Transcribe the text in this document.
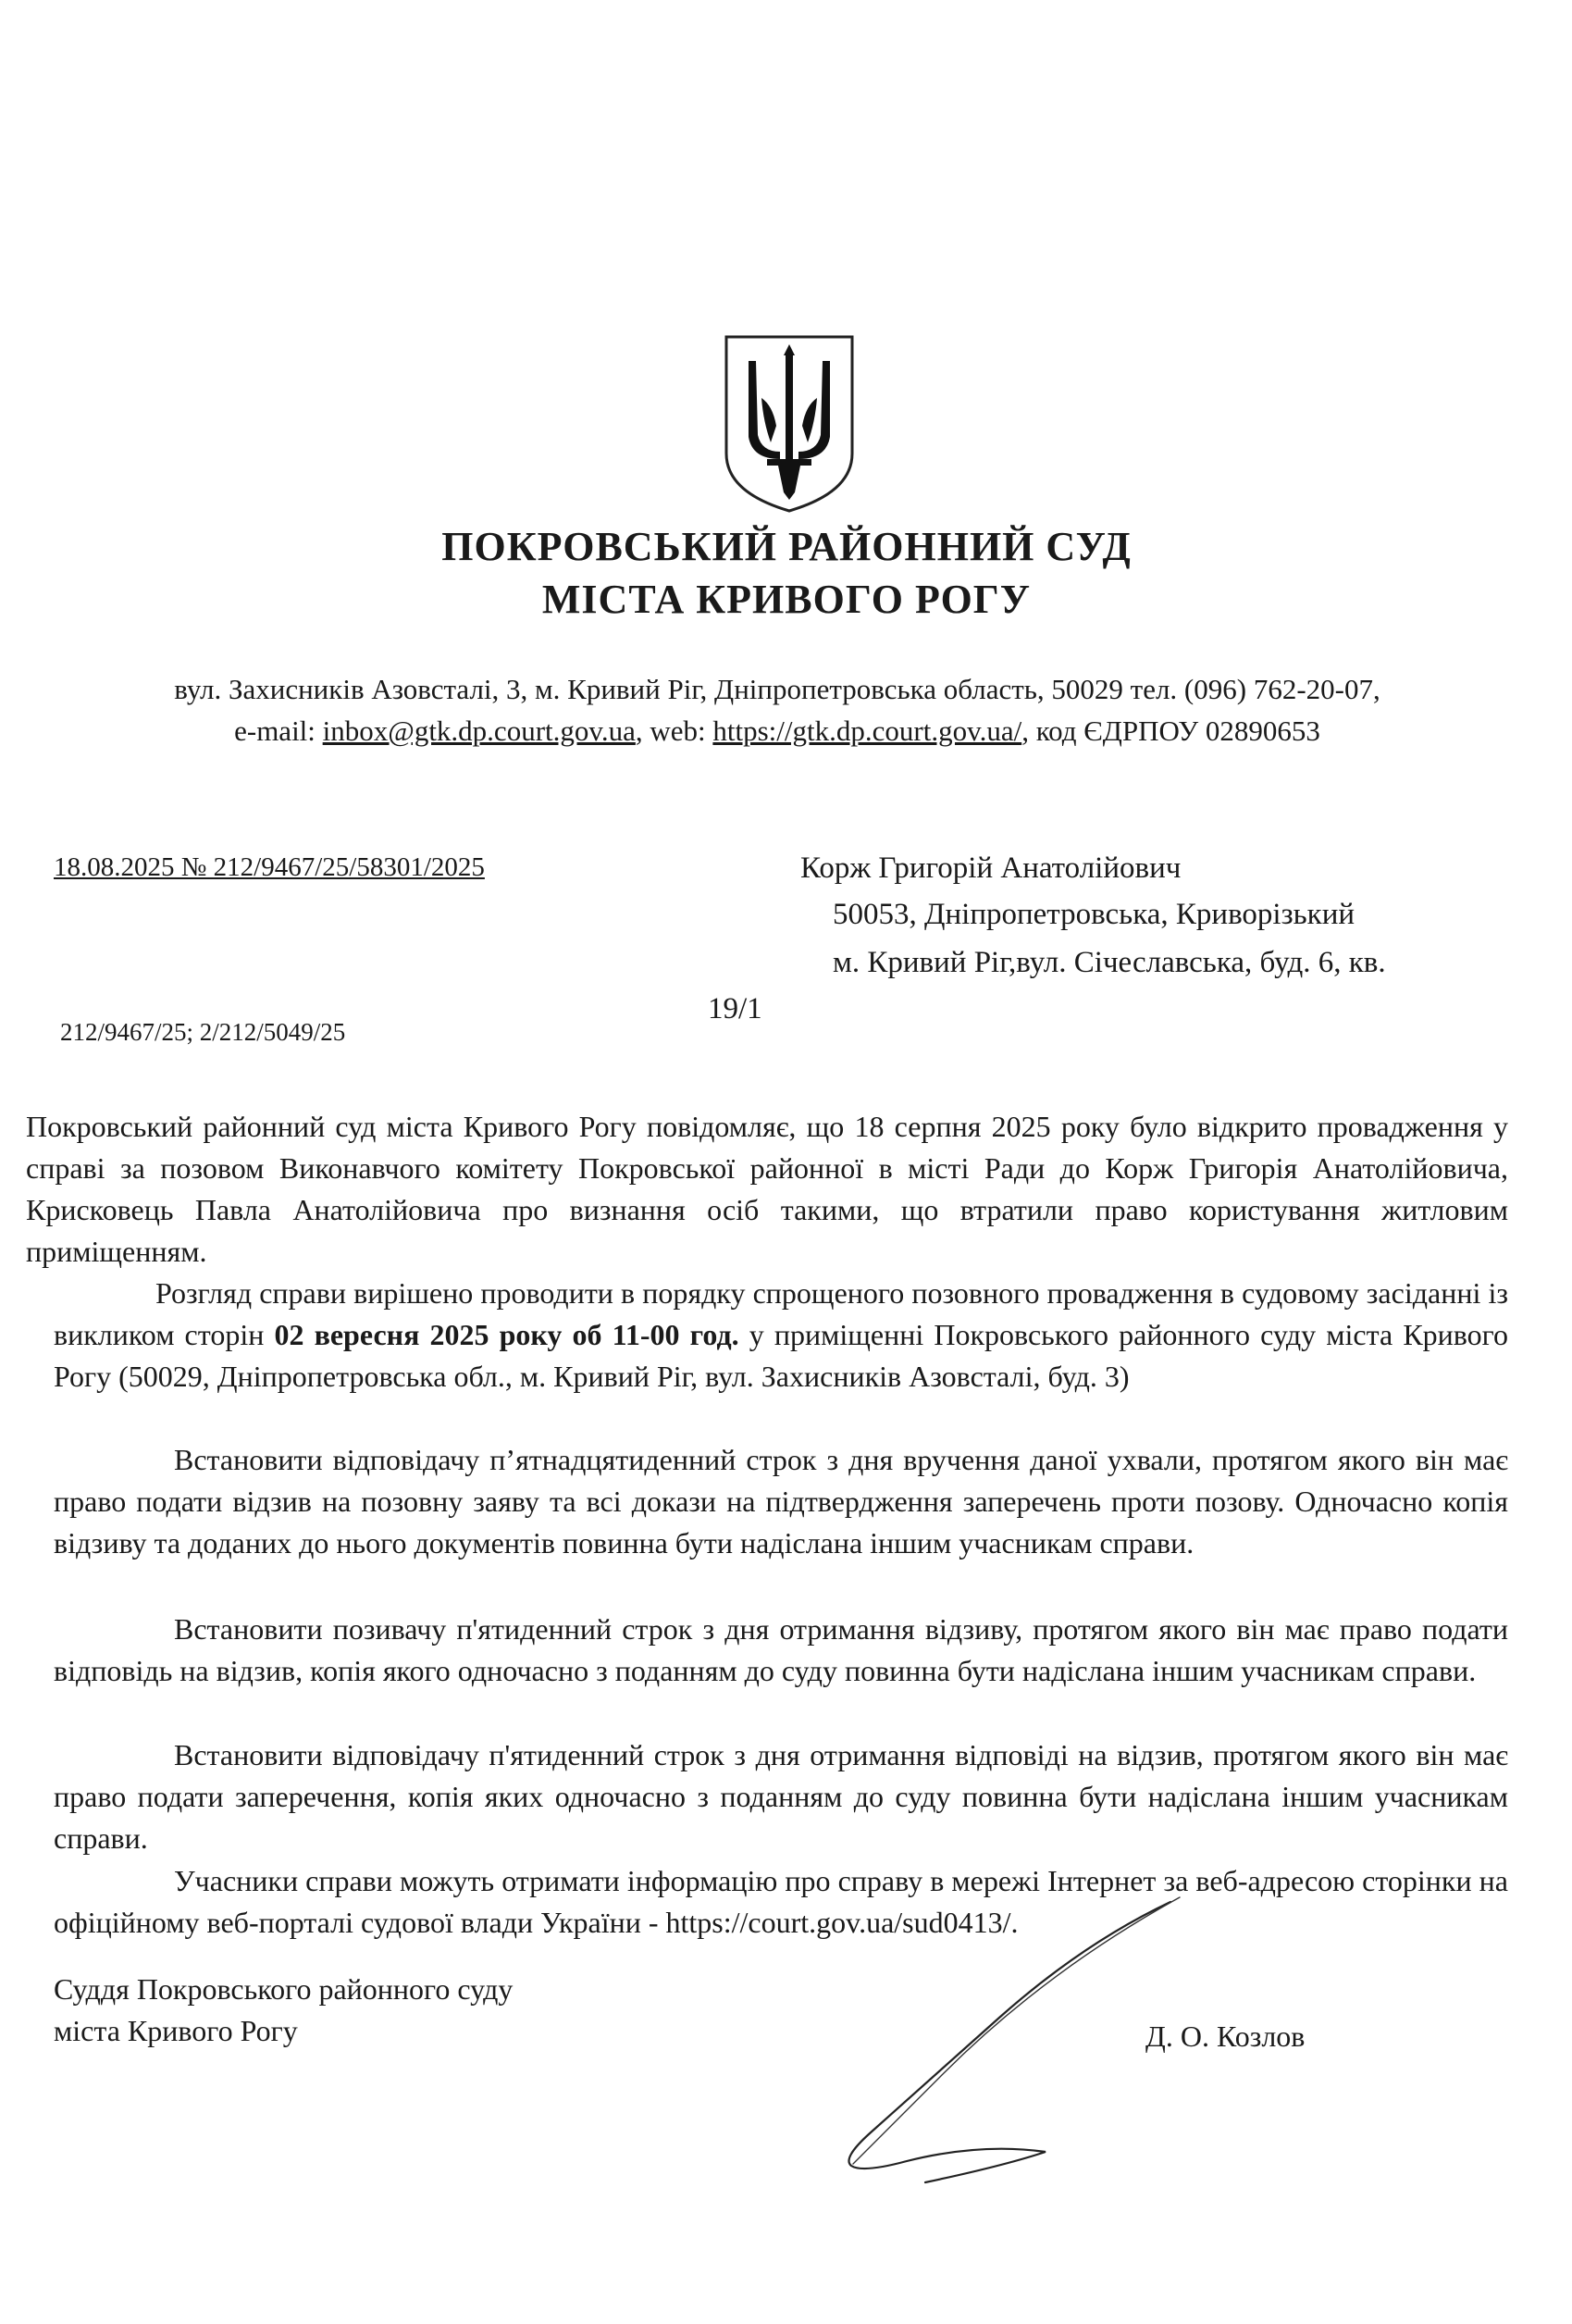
ПОКРОВСЬКИЙ РАЙОННИЙ СУД
МІСТА КРИВОГО РОГУ
вул. Захисників Азовсталі, 3, м. Кривий Ріг, Дніпропетровська область, 50029 тел. (096) 762-20-07,
e-mail: inbox@gtk.dp.court.gov.ua, web: https://gtk.dp.court.gov.ua/, код ЄДРПОУ 02890653
18.08.2025 № 212/9467/25/58301/2025
212/9467/25; 2/212/5049/25
Корж Григорій Анатолійович
50053, Дніпропетровська, Криворізький
м. Кривий Ріг,вул. Січеславська, буд. 6, кв.
19/1
Покровський районний суд міста Кривого Рогу повідомляє, що 18 серпня 2025 року було відкрито провадження у справі за позовом Виконавчого комітету Покровської районної в місті Ради до Корж Григорія Анатолійовича, Крисковець Павла Анатолійовича про визнання осіб такими, що втратили право користування житловим приміщенням.
Розгляд справи вирішено проводити в порядку спрощеного позовного провадження в судовому засіданні із викликом сторін 02 вересня 2025 року об 11-00 год. у приміщенні Покровського районного суду міста Кривого Рогу (50029, Дніпропетровська обл., м. Кривий Ріг, вул. Захисників Азовсталі, буд. 3)
Встановити відповідачу п’ятнадцятиденний строк з дня вручення даної ухвали, протягом якого він має право подати відзив на позовну заяву та всі докази на підтвердження заперечень проти позову. Одночасно копія відзиву та доданих до нього документів повинна бути надіслана іншим учасникам справи.
Встановити позивачу п'ятиденний строк з дня отримання відзиву, протягом якого він має право подати відповідь на відзив, копія якого одночасно з поданням до суду повинна бути надіслана іншим учасникам справи.
Встановити відповідачу п'ятиденний строк з дня отримання відповіді на відзив, протягом якого він має право подати заперечення, копія яких одночасно з поданням до суду повинна бути надіслана іншим учасникам справи.
Учасники справи можуть отримати інформацію про справу в мережі Інтернет за веб-адресою сторінки на офіційному веб-порталі судової влади України - https://court.gov.ua/sud0413/.
Суддя Покровського районного суду
міста Кривого Рогу	Д. О. Козлов
